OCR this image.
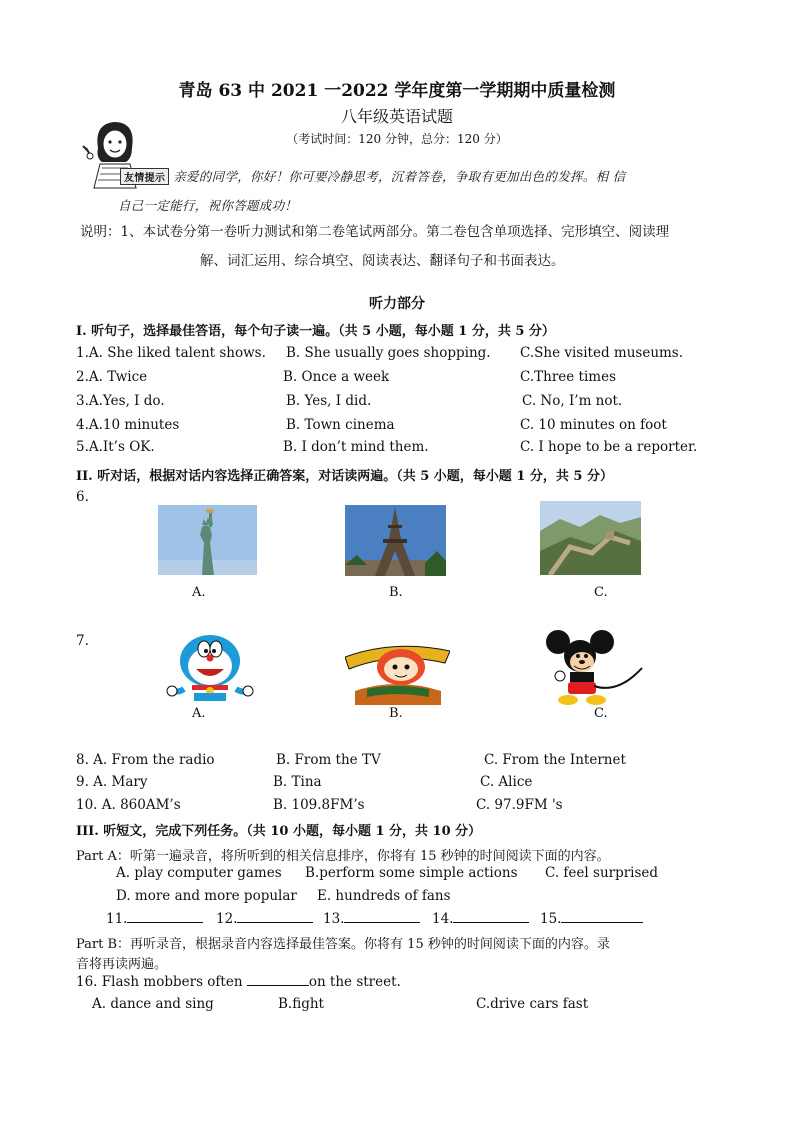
青岛 63 中 2021 一2022 学年度第一学期期中质量检测
八年级英语试题
（考试时间：120 分钟，总分：120 分）
友情提示 亲爱的同学，你好！你可要冷静思考，沉着答卷，争取有更加出色的发挥。相 信
自己一定能行，祝你答题成功！
说明：1、本试卷分第一卷听力测试和第二卷笔试两部分。第二卷包含单项选择、完形填空、阅读理
解、词汇运用、综合填空、阅读表达、翻译句子和书面表达。
听力部分
I. 听句子，选择最佳答语，每个句子读一遍。（共 5 小题，每小题 1 分，共 5 分）
1.A. She liked talent shows. B. She usually goes shopping. C.She visited museums.
2.A. Twice	B. Once a week	C.Three times
3.A.Yes, I do.	B. Yes, I did.	C. No, I’m not.
4.A.10 minutes	B. Town cinema	C. 10 minutes on foot
5.A.It’s OK.	B. I don’t mind them.	C. I hope to be a reporter.
II. 听对话，根据对话内容选择正确答案，对话读两遍。（共 5 小题，每小题 1 分，共 5 分）
6.
A.	B.	C.
7.
A.	B.	C.
8. A. From the radio	B. From the TV	C. From the Internet
9. A. Mary	B. Tina	C. Alice
10. A. 860AM’s	B. 109.8FM’s	C. 97.9FM 's
III. 听短文，完成下列任务。（共 10 小题，每小题 1 分，共 10 分）
Part A：听第一遍录音，将所听到的相关信息排序，你将有 15 秒钟的时间阅读下面的内容。
A. play computer games B.perform some simple actions C. feel surprised
D. more and more popular E. hundreds of fans
11.	12.	13.	14.	15.
Part B：再听录音，根据录音内容选择最佳答案。你将有 15 秒钟的时间阅读下面的内容。录
音将再读两遍。
16. Flash mobbers often	on the street.
A. dance and sing	B.fight	C.drive cars fast
